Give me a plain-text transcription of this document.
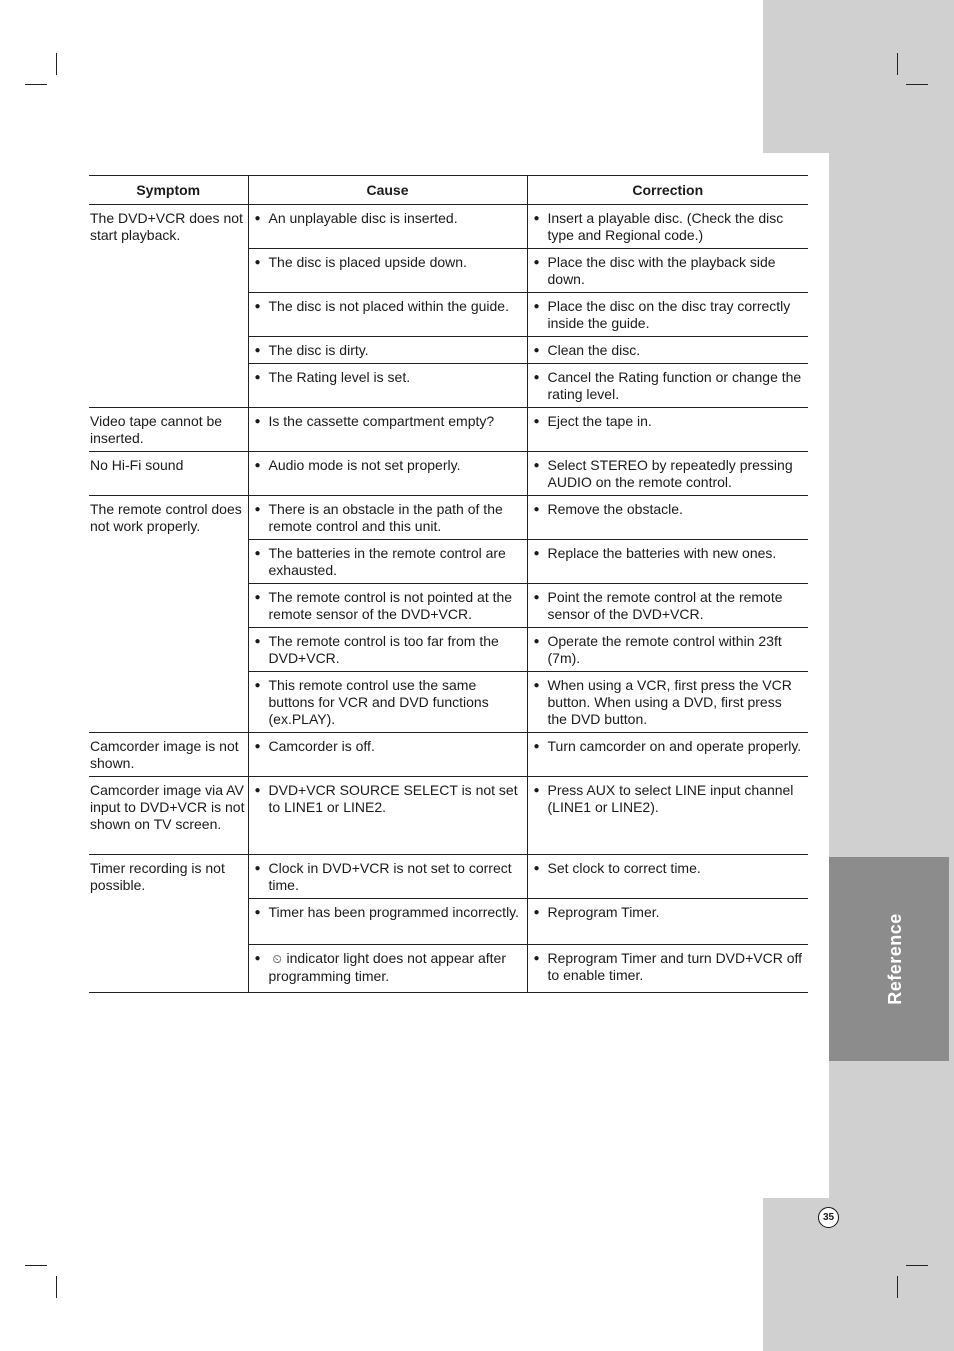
Reference
35
Symptom	Cause	Correction
The DVD+VCR does not start playback.	● An unplayable disc is inserted.	● Insert a playable disc. (Check the disc type and Regional code.)

	● The disc is placed upside down.	● Place the disc with the playback side down.

	● The disc is not placed within the guide.	● Place the disc on the disc tray correctly inside the guide.

	● The disc is dirty.	● Clean the disc.

	● The Rating level is set.	● Cancel the Rating function or change the rating level.

Video tape cannot be inserted.	● Is the cassette compartment empty?	● Eject the tape in.

No Hi-Fi sound	● Audio mode is not set properly.	● Select STEREO by repeatedly pressing AUDIO on the remote control.

The remote control does not work properly.	● There is an obstacle in the path of the remote control and this unit.	● Remove the obstacle.

	● The batteries in the remote control are exhausted.	● Replace the batteries with new ones.

	● The remote control is not pointed at the remote sensor of the DVD+VCR.	● Point the remote control at the remote sensor of the DVD+VCR.

	● The remote control is too far from the DVD+VCR.	● Operate the remote control within 23ft (7m).

	● This remote control use the same buttons for VCR and DVD functions (ex.PLAY).	● When using a VCR, first press the VCR button. When using a DVD, first press the DVD button.

Camcorder image is not shown.	● Camcorder is off.	● Turn camcorder on and operate properly.

Camcorder image via AV input to DVD+VCR is not shown on TV screen.	● DVD+VCR SOURCE SELECT is not set to LINE1 or LINE2.	● Press AUX to select LINE input channel (LINE1 or LINE2).

Timer recording is not possible.	● Clock in DVD+VCR is not set to correct time.	● Set clock to correct time.

	● Timer has been programmed incorrectly.	● Reprogram Timer.

	● ⏲ indicator light does not appear after programming timer.	● Reprogram Timer and turn DVD+VCR off to enable timer.
